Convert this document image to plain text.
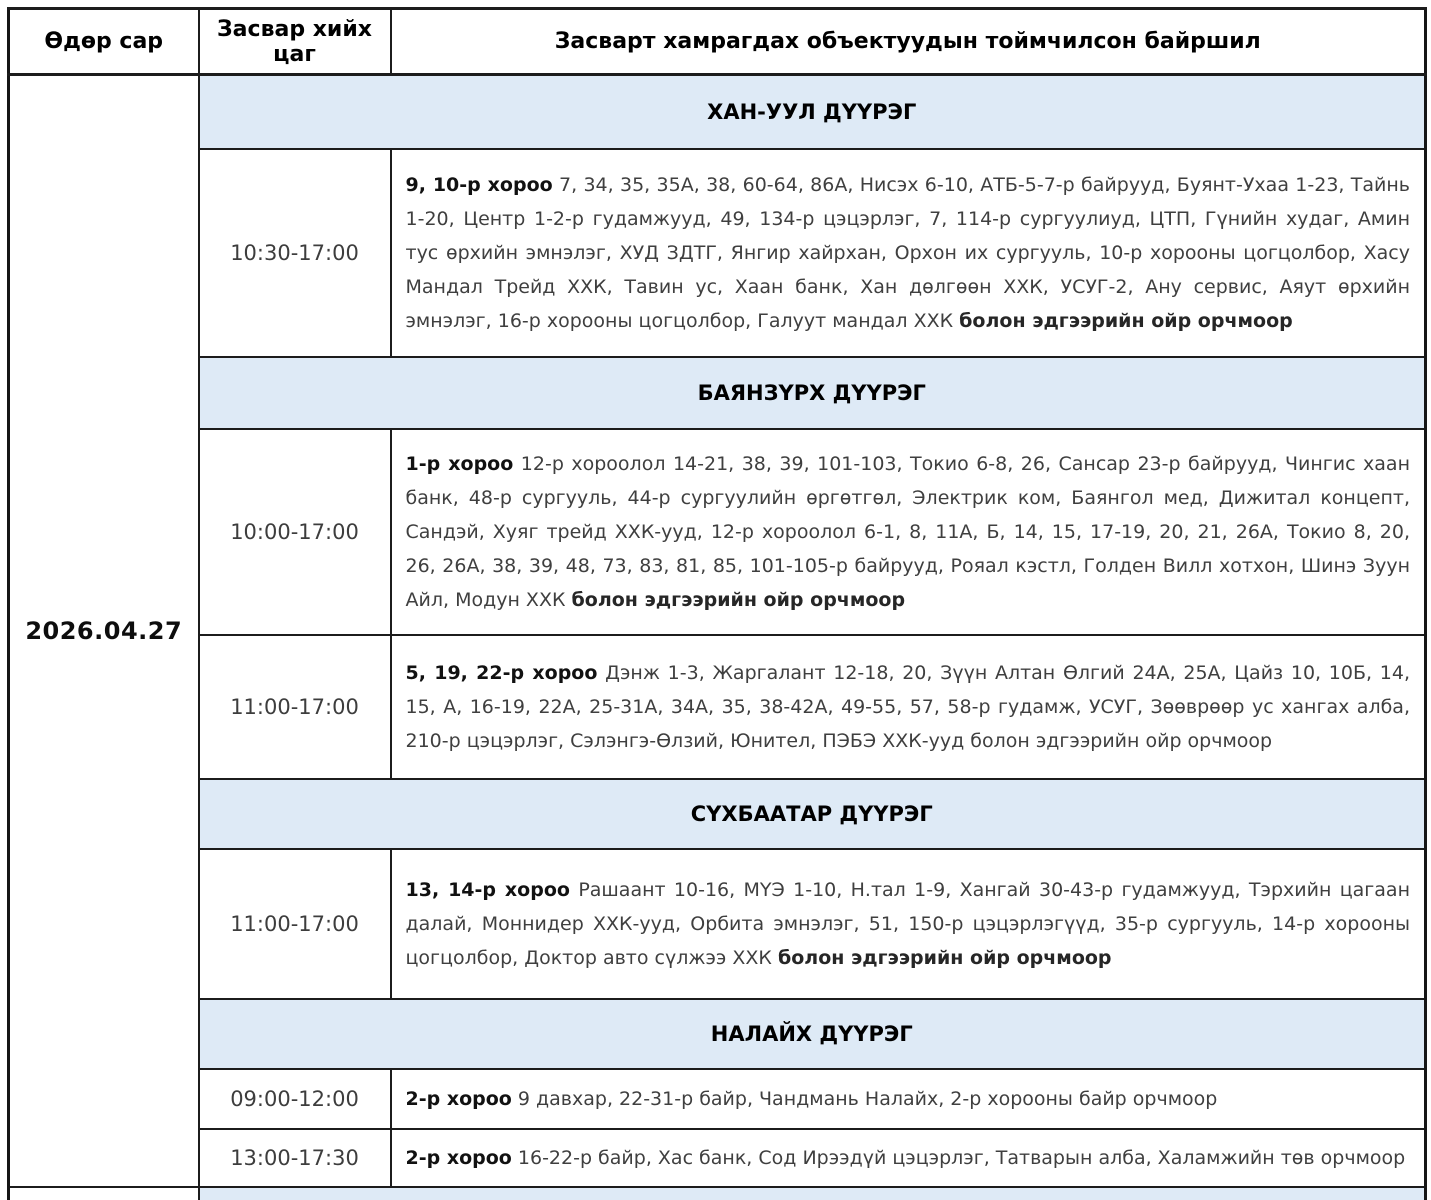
Өдөр сар	Засвар хийх цаг	Засварт хамрагдах объектуудын тоймчилсон байршил
2026.04.27	ХАН-УУЛ ДҮҮРЭГ	
	10:30-17:00	9, 10-р хороо 7, 34, 35, 35А, 38, 60-64, 86А, Нисэх 6-10, АТБ-5-7-р байрууд, Буянт-Ухаа 1-23, Тайнь 1-20, Центр 1-2-р гудамжууд, 49, 134-р цэцэрлэг, 7, 114-р сургуулиуд, ЦТП, Гүнийн худаг, Амин тус өрхийн эмнэлэг, ХУД ЗДТГ, Янгир хайрхан, Орхон их сургууль, 10-р хорооны цогцолбор, Хасу Мандал Трейд ХХК, Тавин ус, Хаан банк, Хан дөлгөөн ХХК, УСУГ-2, Ану сервис, Аяут өрхийн эмнэлэг, 16-р хорооны цогцолбор, Галуут мандал ХХК болон эдгээрийн ойр орчмоор
	БАЯНЗҮРХ ДҮҮРЭГ	
	10:00-17:00	1-р хороо 12-р хороолол 14-21, 38, 39, 101-103, Токио 6-8, 26, Сансар 23-р байрууд, Чингис хаан банк, 48-р сургууль, 44-р сургуулийн өргөтгөл, Электрик ком, Баянгол мед, Дижитал концепт, Сандэй, Хуяг трейд ХХК-ууд, 12-р хороолол 6-1, 8, 11А, Б, 14, 15, 17-19, 20, 21, 26А, Токио 8, 20, 26, 26А, 38, 39, 48, 73, 83, 81, 85, 101-105-р байрууд, Рояал кэстл, Голден Вилл хотхон, Шинэ Зуун Айл, Модун ХХК болон эдгээрийн ойр орчмоор
	11:00-17:00	5, 19, 22-р хороо Дэнж 1-3, Жаргалант 12-18, 20, Зүүн Алтан Өлгий 24А, 25А, Цайз 10, 10Б, 14, 15, А, 16-19, 22А, 25-31А, 34А, 35, 38-42А, 49-55, 57, 58-р гудамж, УСУГ, Зөөврөөр ус хангах алба, 210-р цэцэрлэг, Сэлэнгэ-Өлзий, Юнител, ПЭБЭ ХХК-ууд болон эдгээрийн ойр орчмоор
	СҮХБААТАР ДҮҮРЭГ	
	11:00-17:00	13, 14-р хороо Рашаант 10-16, МҮЭ 1-10, Н.тал 1-9, Хангай 30-43-р гудамжууд, Тэрхийн цагаан далай, Моннидер ХХК-ууд, Орбита эмнэлэг, 51, 150-р цэцэрлэгүүд, 35-р сургууль, 14-р хорооны цогцолбор, Доктор авто сүлжээ ХХК болон эдгээрийн ойр орчмоор
	НАЛАЙХ ДҮҮРЭГ	
	09:00-12:00	2-р хороо 9 давхар, 22-31-р байр, Чандмань Налайх, 2-р хорооны байр орчмоор
	13:00-17:30	2-р хороо 16-22-р байр, Хас банк, Сод Ирээдүй цэцэрлэг, Татварын алба, Халамжийн төв орчмоор
